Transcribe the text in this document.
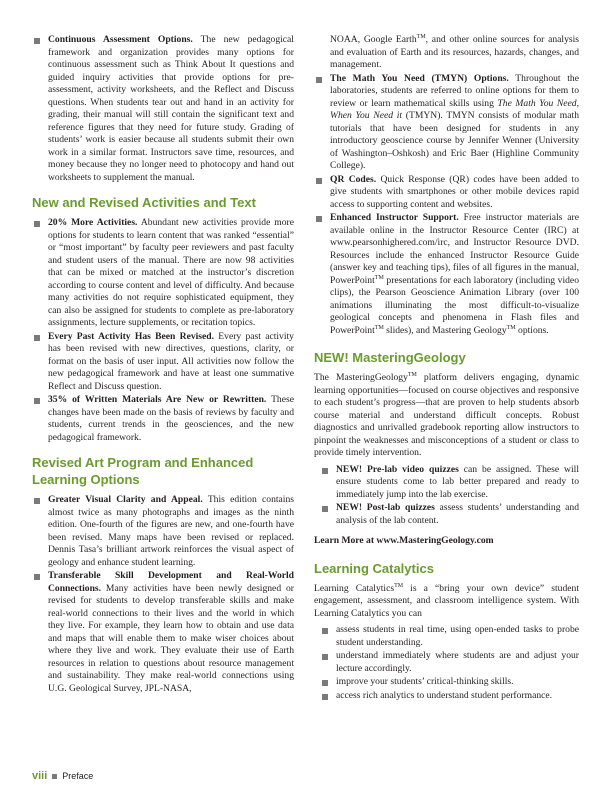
Continuous Assessment Options. The new pedagogical framework and organization provides many options for continuous assessment such as Think About It questions and guided inquiry activities that provide options for pre-assessment, activity worksheets, and the Reflect and Discuss questions. When students tear out and hand in an activity for grading, their manual will still contain the significant text and reference figures that they need for future study. Grading of students’ work is easier because all students submit their own work in a similar format. Instructors save time, resources, and money because they no longer need to photocopy and hand out worksheets to supplement the manual.
New and Revised Activities and Text
20% More Activities. Abundant new activities provide more options for students to learn content that was ranked “essential” or “most important” by faculty peer reviewers and past faculty and student users of the manual. There are now 98 activities that can be mixed or matched at the instructor’s discretion according to course content and level of difficulty. And because many activities do not require sophisticated equipment, they can also be assigned for students to complete as pre-laboratory assignments, lecture supplements, or recitation topics.
Every Past Activity Has Been Revised. Every past activity has been revised with new directives, questions, clarity, or format on the basis of user input. All activities now follow the new pedagogical framework and have at least one summative Reflect and Discuss question.
35% of Written Materials Are New or Rewritten. These changes have been made on the basis of reviews by faculty and students, current trends in the geosciences, and the new pedagogical framework.
Revised Art Program and Enhanced Learning Options
Greater Visual Clarity and Appeal. This edition contains almost twice as many photographs and images as the ninth edition. One-fourth of the figures are new, and one-fourth have been revised. Many maps have been revised or replaced. Dennis Tasa’s brilliant artwork reinforces the visual aspect of geology and enhance student learning.
Transferable Skill Development and Real-World Connections. Many activities have been newly designed or revised for students to develop transferable skills and make real-world connections to their lives and the world in which they live. For example, they learn how to obtain and use data and maps that will enable them to make wiser choices about where they live and work. They evaluate their use of Earth resources in relation to questions about resource management and sustainability. They make real-world connections using U.G. Geological Survey, JPL-NASA,
NOAA, Google Earth™, and other online sources for analysis and evaluation of Earth and its resources, hazards, changes, and management.
The Math You Need (TMYN) Options. Throughout the laboratories, students are referred to online options for them to review or learn mathematical skills using The Math You Need, When You Need it (TMYN). TMYN consists of modular math tutorials that have been designed for students in any introductory geoscience course by Jennifer Wenner (University of Washington–Oshkosh) and Eric Baer (Highline Community College).
QR Codes. Quick Response (QR) codes have been added to give students with smartphones or other mobile devices rapid access to supporting content and websites.
Enhanced Instructor Support. Free instructor materials are available online in the Instructor Resource Center (IRC) at www.pearsonhighered.com/irc, and Instructor Resource DVD. Resources include the enhanced Instructor Resource Guide (answer key and teaching tips), files of all figures in the manual, PowerPoint™ presentations for each laboratory (including video clips), the Pearson Geoscience Animation Library (over 100 animations illuminating the most difficult-to-visualize geological concepts and phenomena in Flash files and PowerPoint™ slides), and Mastering Geology™ options.
NEW! MasteringGeology

The MasteringGeology™ platform delivers engaging, dynamic learning opportunities—focused on course objectives and responsive to each student’s progress—that are proven to help students absorb course material and understand difficult concepts. Robust diagnostics and unrivalled gradebook reporting allow instructors to pinpoint the weaknesses and misconceptions of a student or class to provide timely intervention.

NEW! Pre-lab video quizzes can be assigned. These will ensure students come to lab better prepared and ready to immediately jump into the lab exercise.
NEW! Post-lab quizzes assess students’ understanding and analysis of the lab content.

Learn More at www.MasteringGeology.com

Learning Catalytics

Learning Catalytics™ is a “bring your own device” student engagement, assessment, and classroom intelligence system. With Learning Catalytics you can

assess students in real time, using open-ended tasks to probe student understanding.
understand immediately where students are and adjust your lecture accordingly.
improve your students’ critical-thinking skills.
access rich analytics to understand student performance.
viii Preface
